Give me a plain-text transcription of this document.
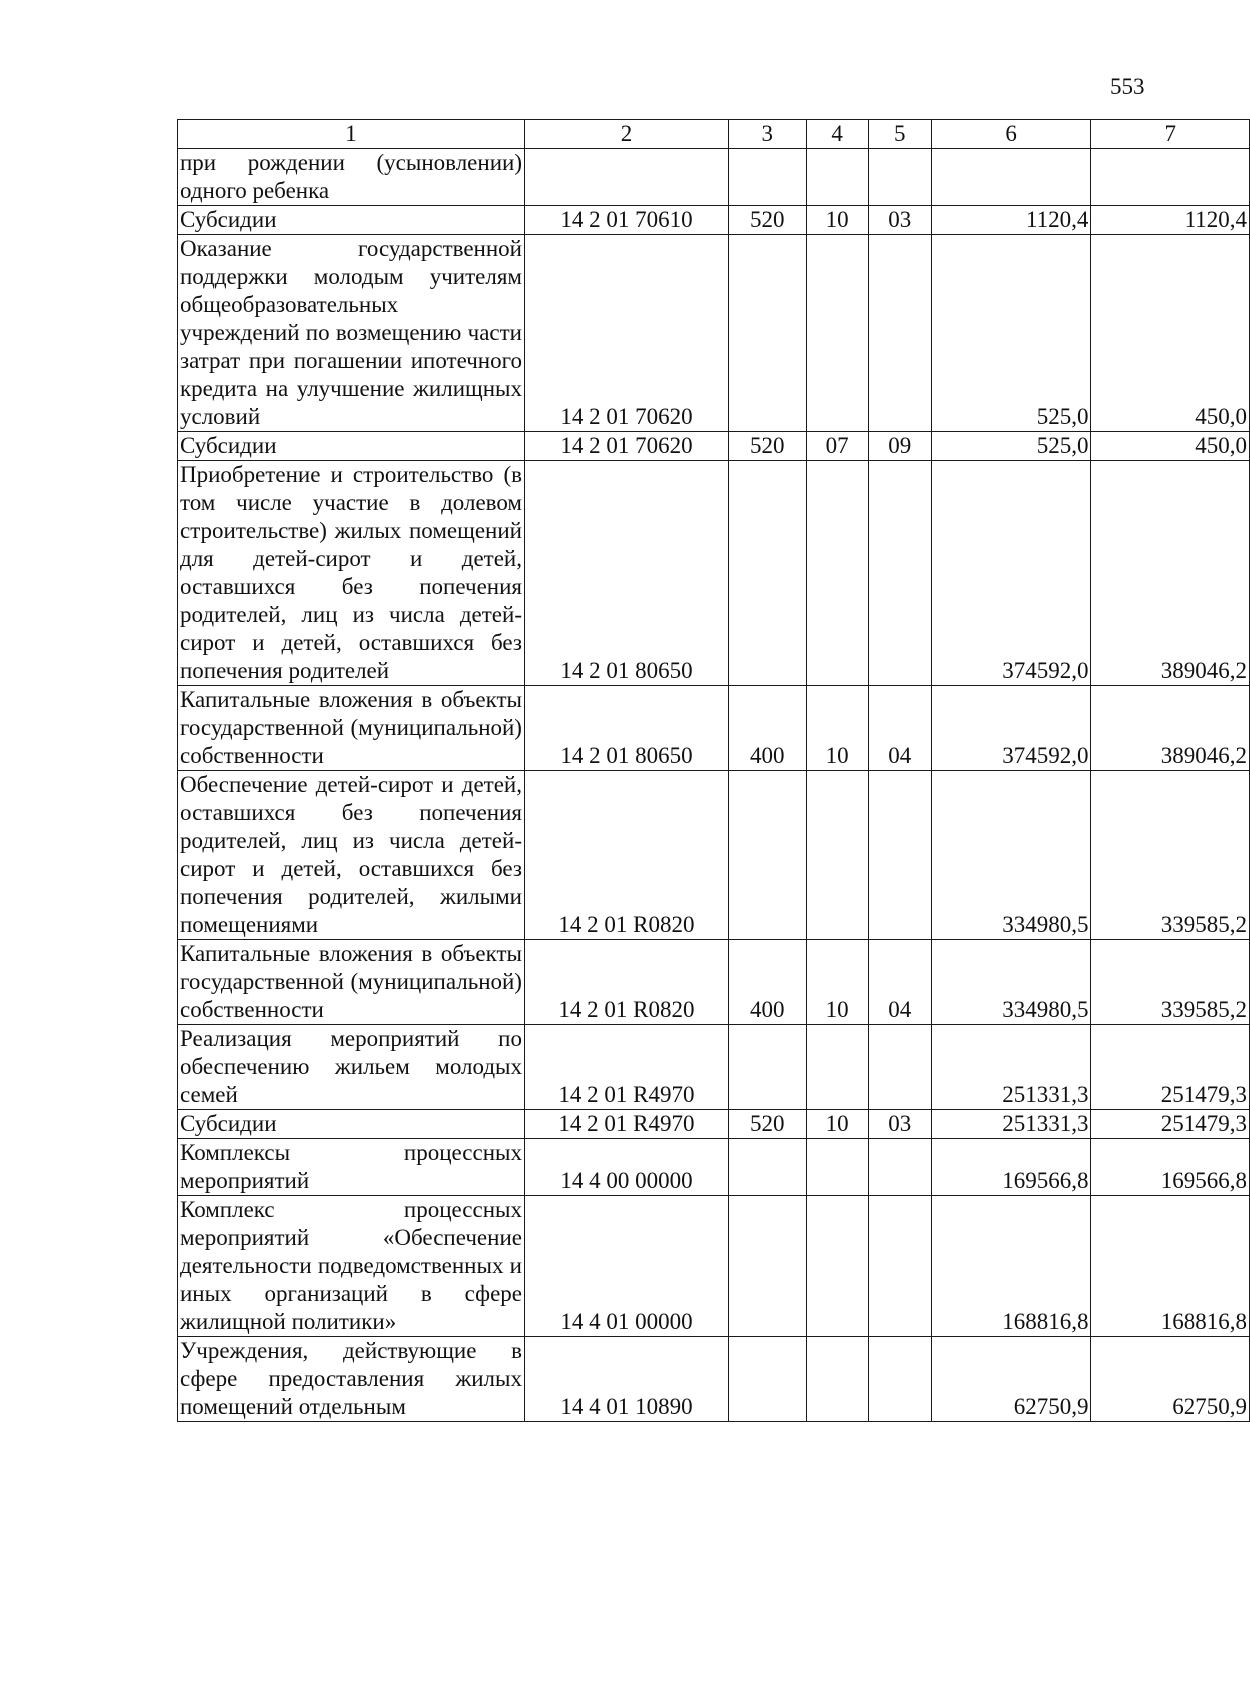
553
1	2	3	4	5	6	7
при рождении (усыновлении) одного ребенка						
Субсидии	14 2 01 70610	520	10	03	1120,4	1120,4
Оказание государственной поддержки молодым учителям общеобразовательных учреждений по возмещению части затрат при погашении ипотечного кредита на улучшение жилищных условий	14 2 01 70620				525,0	450,0
Субсидии	14 2 01 70620	520	07	09	525,0	450,0
Приобретение и строительство (в том числе участие в долевом строительстве) жилых помещений для детей-сирот и детей, оставшихся без попечения родителей, лиц из числа детей-сирот и детей, оставшихся без попечения родителей	14 2 01 80650				374592,0	389046,2
Капитальные вложения в объекты государственной (муниципальной) собственности	14 2 01 80650	400	10	04	374592,0	389046,2
Обеспечение детей-сирот и детей, оставшихся без попечения родителей, лиц из числа детей-сирот и детей, оставшихся без попечения родителей, жилыми помещениями	14 2 01 R0820				334980,5	339585,2
Капитальные вложения в объекты государственной (муниципальной) собственности	14 2 01 R0820	400	10	04	334980,5	339585,2
Реализация мероприятий по обеспечению жильем молодых семей	14 2 01 R4970				251331,3	251479,3
Субсидии	14 2 01 R4970	520	10	03	251331,3	251479,3
Комплексы процессных мероприятий	14 4 00 00000				169566,8	169566,8
Комплекс процессных мероприятий «Обеспечение деятельности подведомственных и иных организаций в сфере жилищной политики»	14 4 01 00000				168816,8	168816,8
Учреждения, действующие в сфере предоставления жилых помещений отдельным	14 4 01 10890				62750,9	62750,9
